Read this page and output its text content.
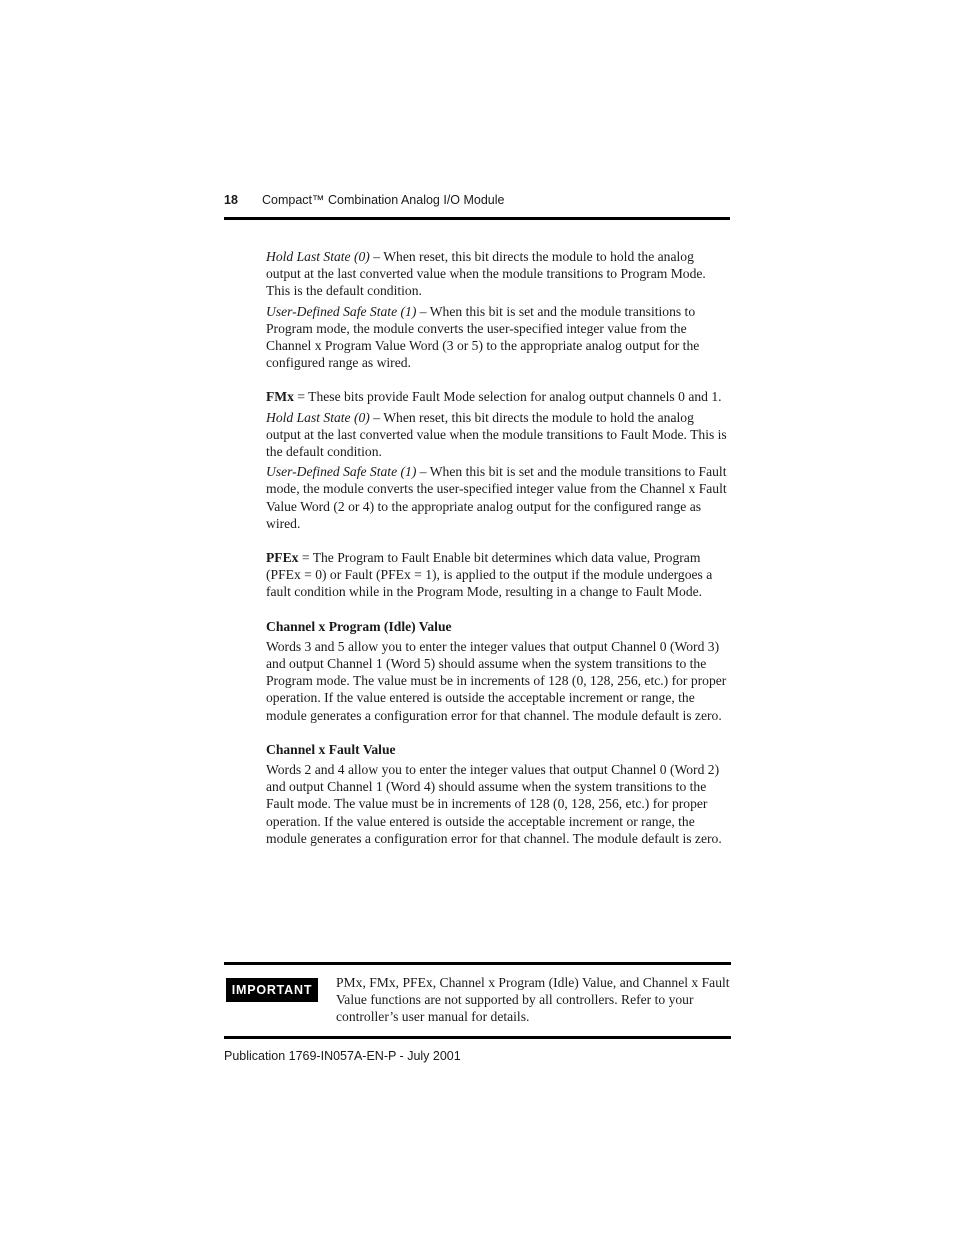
18 Compact™ Combination Analog I/O Module

Hold Last State (0) – When reset, this bit directs the module to hold the analog output at the last converted value when the module transitions to Program Mode. This is the default condition.

User-Defined Safe State (1) – When this bit is set and the module transitions to Program mode, the module converts the user-specified integer value from the Channel x Program Value Word (3 or 5) to the appropriate analog output for the configured range as wired.

FMx = These bits provide Fault Mode selection for analog output channels 0 and 1.

Hold Last State (0) – When reset, this bit directs the module to hold the analog output at the last converted value when the module transitions to Fault Mode. This is the default condition.

User-Defined Safe State (1) – When this bit is set and the module transitions to Fault mode, the module converts the user-specified integer value from the Channel x Fault Value Word (2 or 4) to the appropriate analog output for the configured range as wired.

PFEx = The Program to Fault Enable bit determines which data value, Program (PFEx = 0) or Fault (PFEx = 1), is applied to the output if the module undergoes a fault condition while in the Program Mode, resulting in a change to Fault Mode.

Channel x Program (Idle) Value

Words 3 and 5 allow you to enter the integer values that output Channel 0 (Word 3) and output Channel 1 (Word 5) should assume when the system transitions to the Program mode. The value must be in increments of 128 (0, 128, 256, etc.) for proper operation. If the value entered is outside the acceptable increment or range, the module generates a configuration error for that channel. The module default is zero.

Channel x Fault Value

Words 2 and 4 allow you to enter the integer values that output Channel 0 (Word 2) and output Channel 1 (Word 4) should assume when the system transitions to the Fault mode. The value must be in increments of 128 (0, 128, 256, etc.) for proper operation. If the value entered is outside the acceptable increment or range, the module generates a configuration error for that channel. The module default is zero.

IMPORTANT	PMx, FMx, PFEx, Channel x Program (Idle) Value, and Channel x Fault Value functions are not supported by all controllers. Refer to your controller’s user manual for details.
Publication 1769-IN057A-EN-P - July 2001
